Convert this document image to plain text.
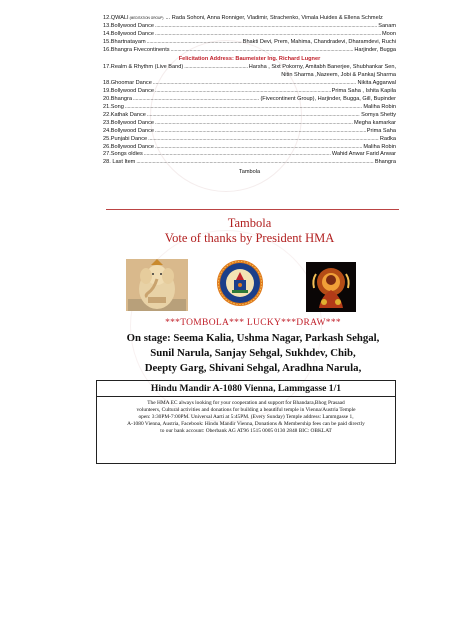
12.QWALI (MEDITATION GROUP) ... Rada Sohoni, Anna Ronniger, Vladimir, Strachenko, Vimala Huides & Ellena Schmelz
13.Bollywood Dance .....	Sanam
14.Bollywood Dance .....	Moon
15.Bhartnatayam .....	Bhakti Devi, Prem, Mahima, Chandradevi, Dharamdevi, Ruchi
16.Bhangra Fivecontinents .....	Harjinder, Bugga
Felicitation Address: Baumeister Ing. Richard Lugner
17.Realm & Rhythm (Live Band) .....	Harsha , Sixt Pokorny, Amitabh Banerjee, Shubhankar Sen,
Nitin Sharma ,Nazeem, Jobi & Pankaj Sharma
18.Ghoomar Dance .....	Nikita Aggarwal
19.Bollywood Dance .....	Prima Saha , Ishita Kapila
20.Bhangra .....	(Fivecontinent Group), Harjinder, Bugga, Gill, Bupinder
21.Song .....	Maliha Robin
22.Kathak Dance .....	Somya Shetty
23.Bollywood Dance .....	Megha kamarkar
24.Bollywood Dance .....	Prima Saha
25.Punjabi Dance .....	Radka
26.Bollywood Dance .....	Maliha Robin
27.Songs oldies .....	Wahid Anwar Farid Anwar
28. Last Item .....	Bhangra
Tambola
Tambola
Vote of thanks by President HMA
***TOMBOLA*** LUCKY***DRAW***
On stage: Seema Kalia, Ushma Nagar, Parkash Sehgal,
Sunil Narula, Sanjay Sehgal, Sukhdev, Chib,
Deepty Garg, Shivani Sehgal, Aradhna Narula,
Hindu Mandir A-1080 Vienna, Lammgasse 1/1
The HMA EC always looking for your cooperation and support for Bhandara,Bhog Prasaad
volunteers, Cultural activities and donations for building a beautiful temple in Vienna/Austria Temple
open: 3:30PM-7:00PM. Universal Aarti at 5:45PM. (Every Sunday) Temple address: Lammgasse 1,
A-1080 Vienna, Austria, Facebook: Hindu Mandir Vienna, Donations & Membership fees can be paid directly
to our bank account: Oberbank AG AT96 1515 0005 0130 2848 BIC: OBKLAT
